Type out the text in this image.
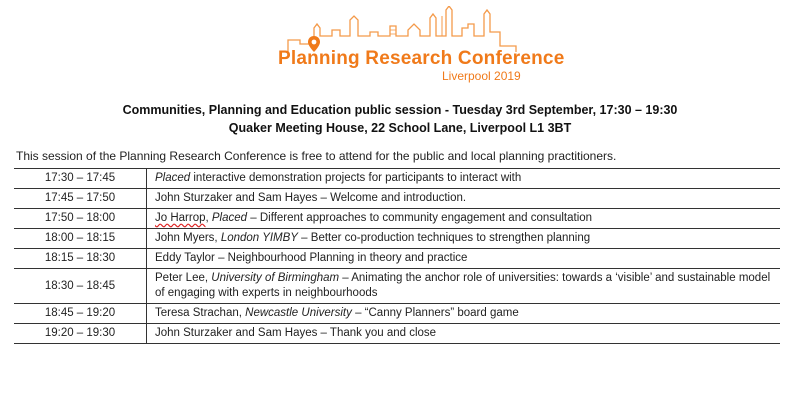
Planning Research Conference
Liverpool 2019
Communities, Planning and Education public session - Tuesday 3rd September, 17:30 – 19:30
Quaker Meeting House, 22 School Lane, Liverpool L1 3BT
This session of the Planning Research Conference is free to attend for the public and local planning practitioners.
17:30 – 17:45	Placed interactive demonstration projects for participants to interact with
17:45 – 17:50	John Sturzaker and Sam Hayes – Welcome and introduction.
17:50 – 18:00	Jo Harrop, Placed – Different approaches to community engagement and consultation
18:00 – 18:15	John Myers, London YIMBY – Better co-production techniques to strengthen planning
18:15 – 18:30	Eddy Taylor – Neighbourhood Planning in theory and practice
18:30 – 18:45	Peter Lee, University of Birmingham – Animating the anchor role of universities: towards a ‘visible’ and sustainable model of engaging with experts in neighbourhoods
18:45 – 19:20	Teresa Strachan, Newcastle University – “Canny Planners” board game
19:20 – 19:30	John Sturzaker and Sam Hayes – Thank you and close
